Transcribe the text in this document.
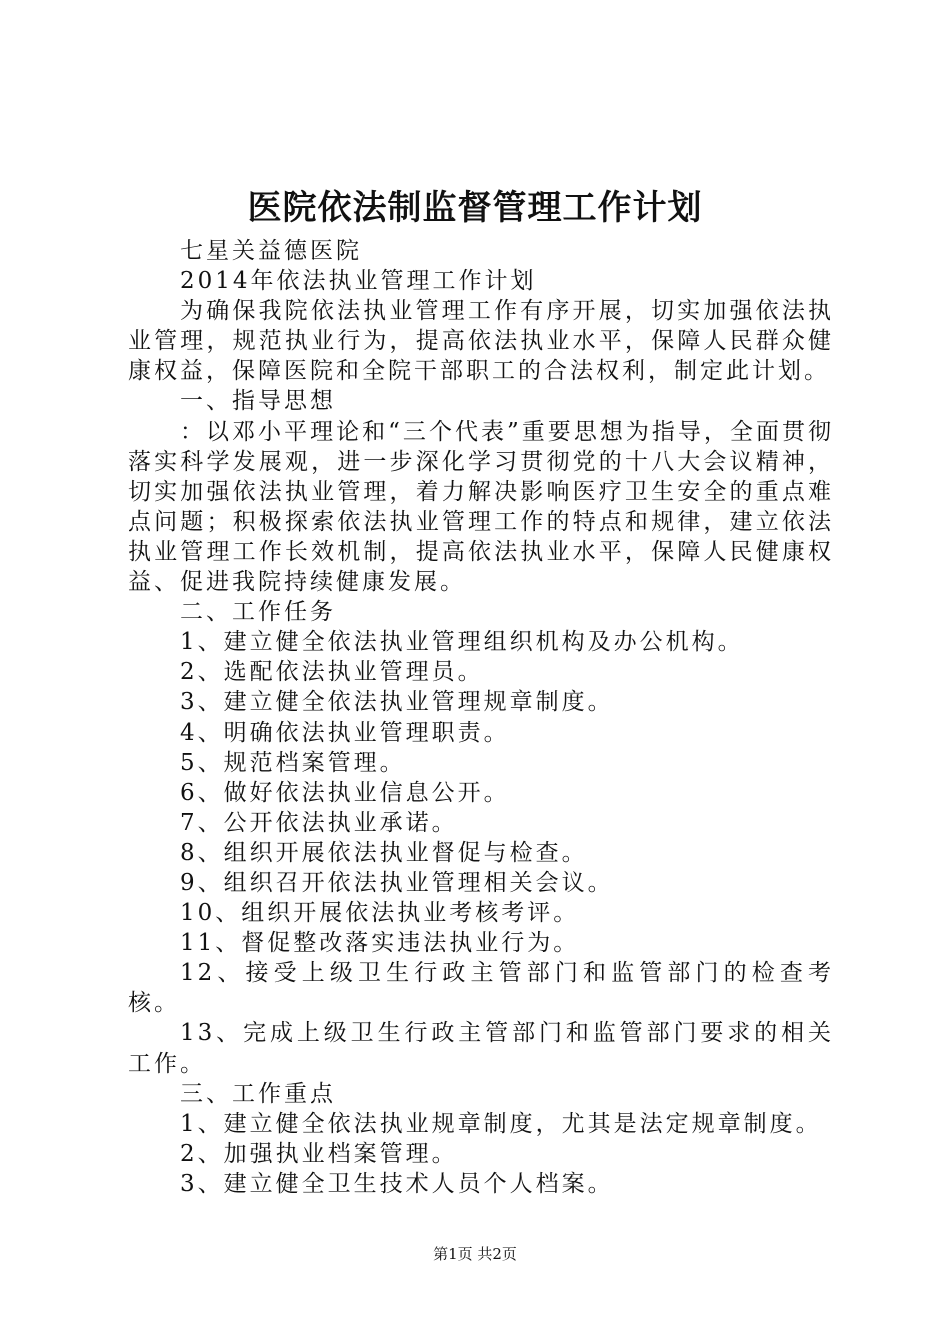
医院依法制监督管理工作计划

七星关益德医院

2014年依法执业管理工作计划

为确保我院依法执业管理工作有序开展，切实加强依法执业管理，规范执业行为，提高依法执业水平，保障人民群众健康权益，保障医院和全院干部职工的合法权利，制定此计划。

一、指导思想

：以邓小平理论和“三个代表”重要思想为指导，全面贯彻落实科学发展观，进一步深化学习贯彻党的十八大会议精神，切实加强依法执业管理，着力解决影响医疗卫生安全的重点难点问题；积极探索依法执业管理工作的特点和规律，建立依法执业管理工作长效机制，提高依法执业水平，保障人民健康权益、促进我院持续健康发展。

二、工作任务

1、建立健全依法执业管理组织机构及办公机构。

2、选配依法执业管理员。

3、建立健全依法执业管理规章制度。

4、明确依法执业管理职责。

5、规范档案管理。

6、做好依法执业信息公开。

7、公开依法执业承诺。

8、组织开展依法执业督促与检查。

9、组织召开依法执业管理相关会议。

10、组织开展依法执业考核考评。

11、督促整改落实违法执业行为。

12、接受上级卫生行政主管部门和监管部门的检查考核。

13、完成上级卫生行政主管部门和监管部门要求的相关工作。

三、工作重点

1、建立健全依法执业规章制度，尤其是法定规章制度。

2、加强执业档案管理。

3、建立健全卫生技术人员个人档案。

第1页 共2页
